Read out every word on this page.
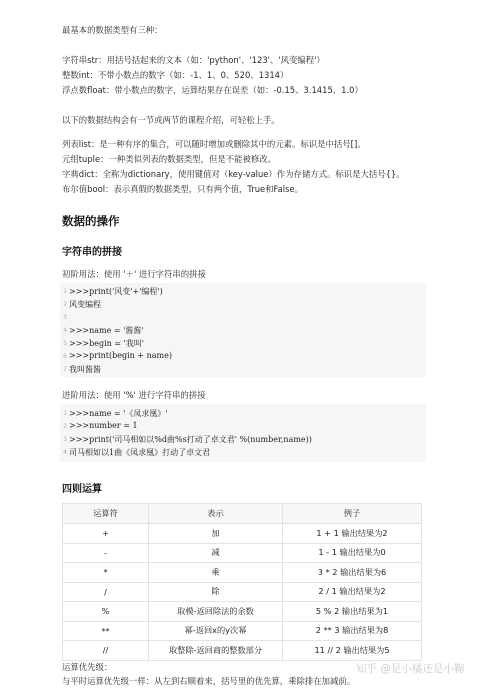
最基本的数据类型有三种：
字符串str：用括号括起来的文本（如：'python'、'123'、'风变编程'）
整数int：不带小数点的数字（如：-1、1、0、520、1314）
浮点数float：带小数点的数字，运算结果存在误差（如：-0.15、3.1415、1.0）
以下的数据结构会有一节或两节的课程介绍，可轻松上手。
列表list：是一种有序的集合，可以随时增加或删除其中的元素。标识是中括号[]。
元组tuple：一种类似列表的数据类型，但是不能被修改。
字典dict：全称为dictionary，使用键值对（key-value）作为存储方式。标识是大括号{}。
布尔值bool：表示真假的数据类型，只有两个值，True和False。
数据的操作
字符串的拼接
初阶用法：使用 '＋' 进行字符串的拼接
1 >>>print('风变'+'编程')
2 风变编程
3
4 >>>name = '酱酱'
5 >>>begin = '我叫'
6 >>>print(begin + name)
7 我叫酱酱
进阶用法：使用 '%' 进行字符串的拼接
1 >>>name = '《凤求凰》'
2 >>>number = 1
3 >>>print('司马相如以%d曲%s打动了卓文君' %(number,name))
4 司马相如以1曲《凤求凰》打动了卓文君
四则运算
运算符	表示	例子
+	加	1 + 1 输出结果为2
-	减	1 - 1 输出结果为0
*	乘	3 * 2 输出结果为6
/	除	2 / 1 输出结果为2
%	取模-返回除法的余数	5 % 2 输出结果为1
**	幂-返回x的y次幂	2 ** 3 输出结果为8
//	取整除-返回商的整数部分	11 // 2 输出结果为5
运算优先级：
与平时运算优先级一样：从左到右顺着来，括号里的优先算，乘除排在加减前。
知乎 @是小橘还是小鞠
